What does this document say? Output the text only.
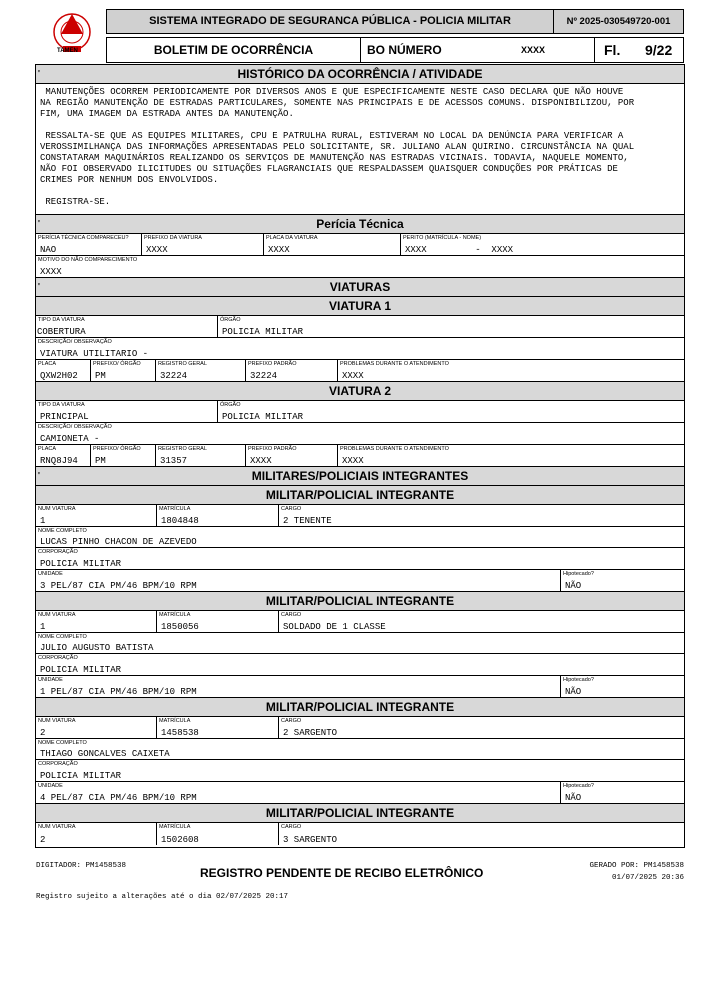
TAMEN
SISTEMA INTEGRADO DE SEGURANCA PÚBLICA - POLICIA MILITAR	Nº 2025-030549720-001
BOLETIM DE OCORRÊNCIA	BO NÚMERO	XXXX	Fl. 9/22
'	HISTÓRICO DA OCORRÊNCIA / ATIVIDADE
MANUTENÇÕES OCORREM PERIODICAMENTE POR DIVERSOS ANOS E QUE ESPECIFICAMENTE NESTE CASO DECLARA QUE NÃO HOUVE
NA REGIÃO MANUTENÇÃO DE ESTRADAS PARTICULARES, SOMENTE NAS PRINCIPAIS E DE ACESSOS COMUNS. DISPONIBILIZOU, POR
FIM, UMA IMAGEM DA ESTRADA ANTES DA MANUTENÇÃO.
RESSALTA-SE QUE AS EQUIPES MILITARES, CPU E PATRULHA RURAL, ESTIVERAM NO LOCAL DA DENÚNCIA PARA VERIFICAR A
VEROSSIMILHANÇA DAS INFORMAÇÕES APRESENTADAS PELO SOLICITANTE, SR. JULIANO ALAN QUIRINO. CIRCUNSTÂNCIA NA QUAL
CONSTATARAM MAQUINÁRIOS REALIZANDO OS SERVIÇOS DE MANUTENÇÃO NAS ESTRADAS VICINAIS. TODAVIA, NAQUELE MOMENTO,
NÃO FOI OBSERVADO ILICITUDES OU SITUAÇÕES FLAGRANCIAIS QUE RESPALDASSEM QUAISQUER CONDUÇÕES POR PRÁTICAS DE
CRIMES POR NENHUM DOS ENVOLVIDOS.
REGISTRA-SE.
'	Perícia Técnica
PERÍCIA TÉCNICA COMPARECEU?
NAO
PREFIXO DA VIATURA
XXXX
PLACA DA VIATURA
XXXX
PERITO (MATRÍCULA - NOME)
XXXX         -  XXXX
MOTIVO DO NÃO COMPARECIMENTO
XXXX
'	VIATURAS
VIATURA 1
TIPO DA VIATURA
COBERTURA
ÓRGÃO
POLICIA MILITAR
DESCRIÇÃO/ OBSERVAÇÃO
VIATURA UTILITARIO -
PLACA
QXW2H02
PREFIXO/ ÓRGÃO
PM
REGISTRO GERAL
32224
PREFIXO PADRÃO
32224
PROBLEMAS DURANTE O ATENDIMENTO
XXXX
VIATURA 2
TIPO DA VIATURA
PRINCIPAL
ÓRGÃO
POLICIA MILITAR
DESCRIÇÃO/ OBSERVAÇÃO
CAMIONETA -
PLACA
RNQ8J94
PREFIXO/ ÓRGÃO
PM
REGISTRO GERAL
31357
PREFIXO PADRÃO
XXXX
PROBLEMAS DURANTE O ATENDIMENTO
XXXX
'	MILITARES/POLICIAIS INTEGRANTES
MILITAR/POLICIAL INTEGRANTE
NUM VIATURA
1
MATRÍCULA
1804848
CARGO
2 TENENTE
NOME COMPLETO
LUCAS PINHO CHACON DE AZEVEDO
CORPORAÇÃO
POLICIA MILITAR
UNIDADE
3 PEL/87 CIA PM/46 BPM/10 RPM
Hipotecado?
NÃO
MILITAR/POLICIAL INTEGRANTE
NUM VIATURA
1
MATRÍCULA
1850056
CARGO
SOLDADO DE 1 CLASSE
NOME COMPLETO
JULIO AUGUSTO BATISTA
CORPORAÇÃO
POLICIA MILITAR
UNIDADE
1 PEL/87 CIA PM/46 BPM/10 RPM
Hipotecado?
NÃO
MILITAR/POLICIAL INTEGRANTE
NUM VIATURA
2
MATRÍCULA
1458538
CARGO
2 SARGENTO
NOME COMPLETO
THIAGO GONCALVES CAIXETA
CORPORAÇÃO
POLICIA MILITAR
UNIDADE
4 PEL/87 CIA PM/46 BPM/10 RPM
Hipotecado?
NÃO
MILITAR/POLICIAL INTEGRANTE
NUM VIATURA
2
MATRÍCULA
1502608
CARGO
3 SARGENTO
DIGITADOR: PM1458538	REGISTRO PENDENTE DE RECIBO ELETRÔNICO	GERADO POR: PM1458538
01/07/2025 20:36
Registro sujeito a alterações até o dia 02/07/2025 20:17
